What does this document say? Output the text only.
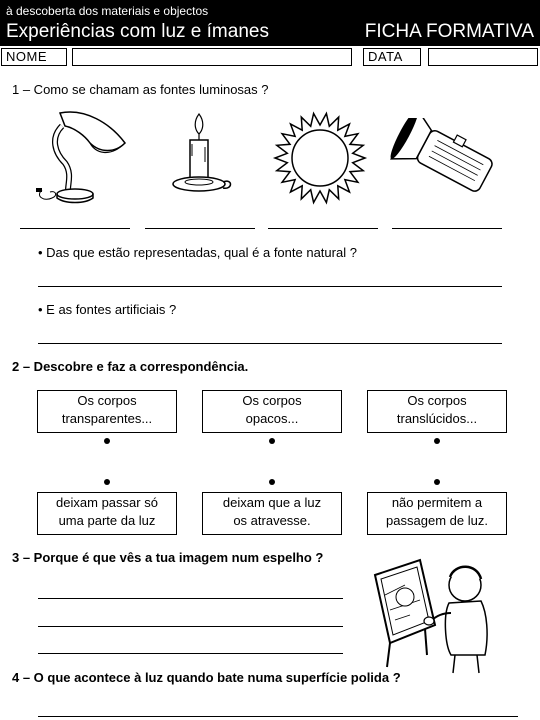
à descoberta dos materiais e objectos
Experiências com luz e ímanes	FICHA FORMATIVA
NOME	DATA
1 – Como se chamam as fontes luminosas ?
• Das que estão representadas, qual é a fonte natural ?
• E as fontes artificiais ?
2 – Descobre e faz a correspondência.
Os corpos
transparentes...
Os corpos
opacos...
Os corpos
translúcidos...
deixam passar só
uma parte da luz
deixam que a luz
os atravesse.
não permitem a
passagem de luz.
3 – Porque é que vês a tua imagem num espelho ?
4 – O que acontece à luz quando bate numa superfície polida ?
